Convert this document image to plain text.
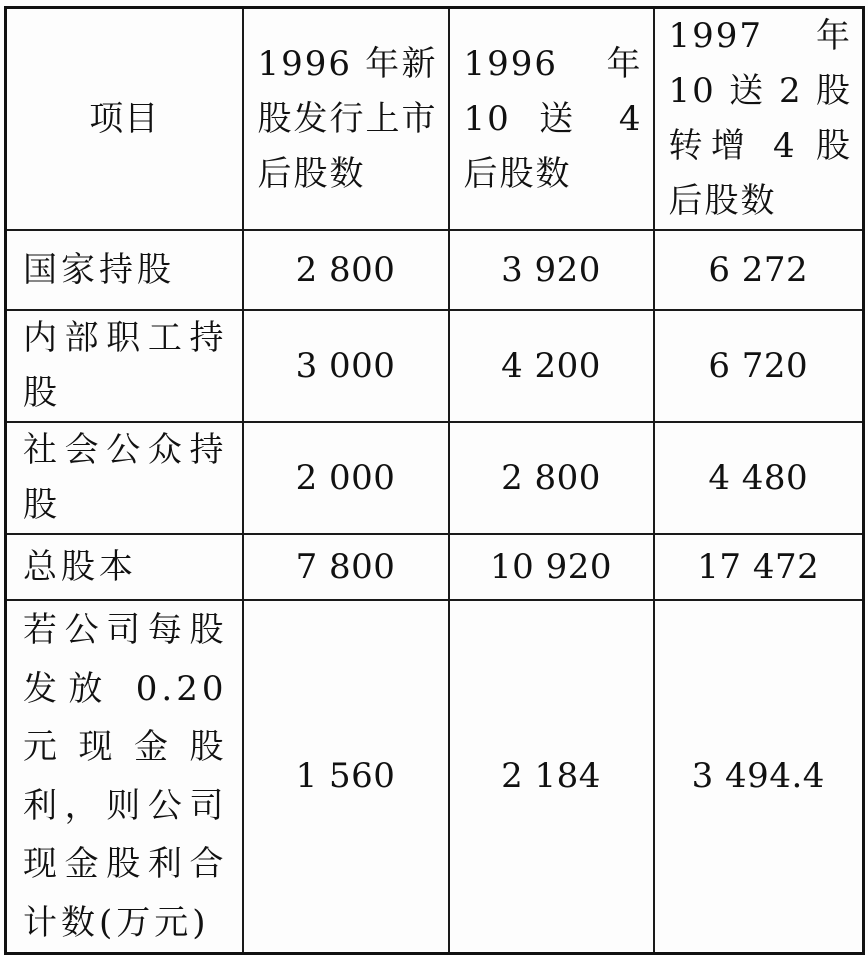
项目	1996 年新股发行上市后股数	1996 年 10 送 4 后股数	1997 年 10 送 2 股转增 4 股后股数

国家持股	2 800	3 920	6 272
内部职工持股	3 000	4 200	6 720
社会公众持股	2 000	2 800	4 480
总股本	7 800	10 920	17 472
若公司每股发放 0.20 元现金股利，则公司现金股利合计数(万元)	1 560	2 184	3 494.4
